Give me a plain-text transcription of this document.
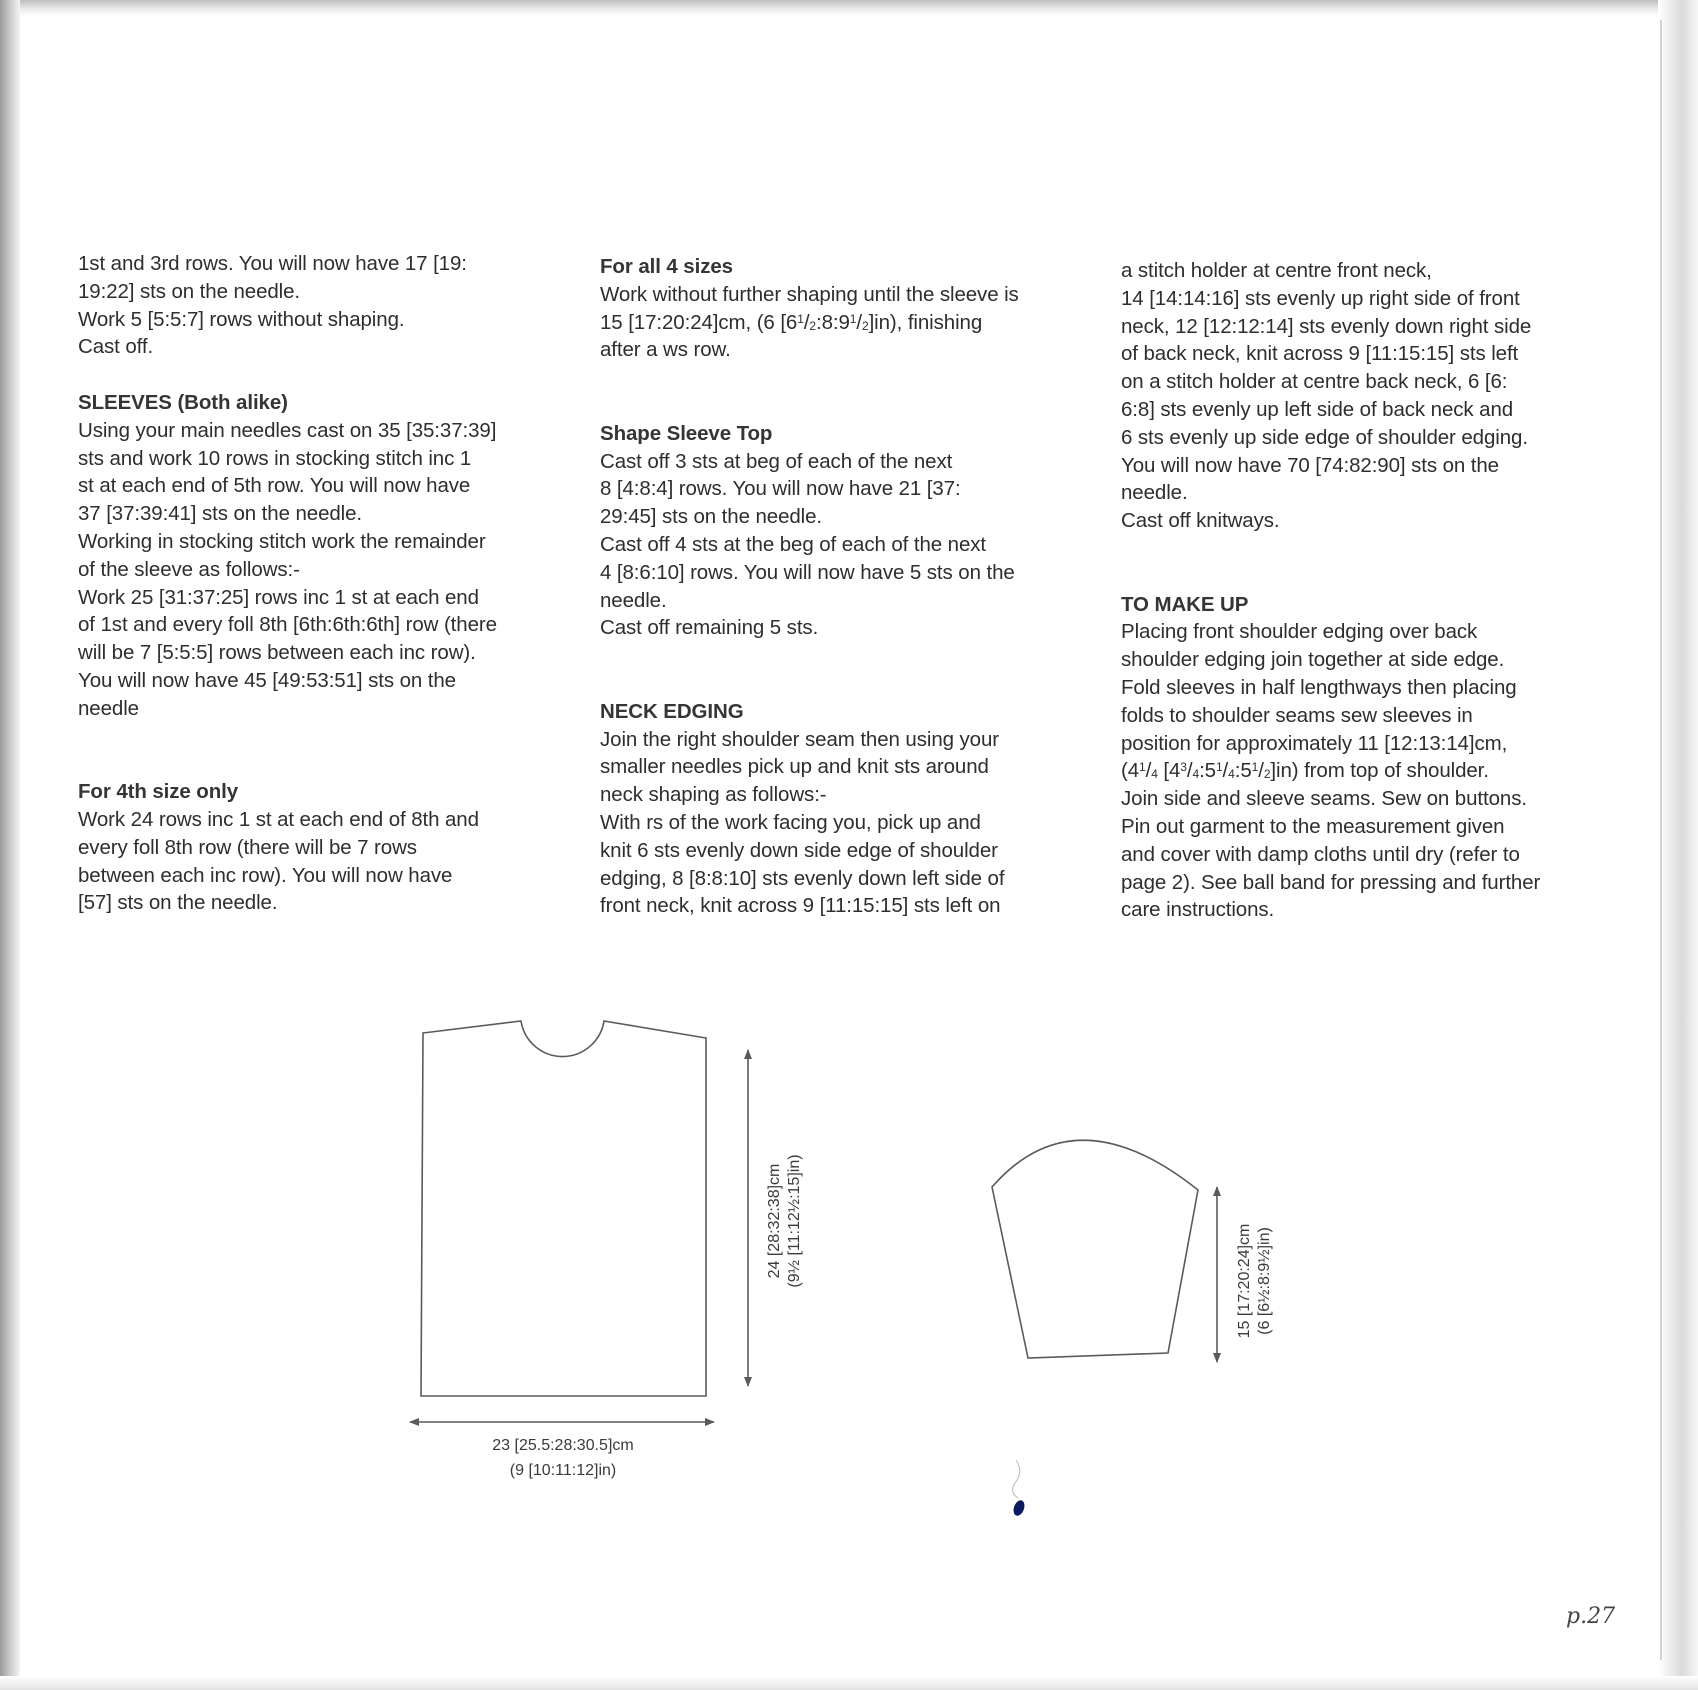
1st and 3rd rows. You will now have 17 [19:

19:22] sts on the needle.

Work 5 [5:5:7] rows without shaping.

Cast off.

SLEEVES (Both alike)

Using your main needles cast on 35 [35:37:39]

sts and work 10 rows in stocking stitch inc 1

st at each end of 5th row. You will now have

37 [37:39:41] sts on the needle.

Working in stocking stitch work the remainder

of the sleeve as follows:-

Work 25 [31:37:25] rows inc 1 st at each end

of 1st and every foll 8th [6th:6th:6th] row (there

will be 7 [5:5:5] rows between each inc row).

You will now have 45 [49:53:51] sts on the

needle

For 4th size only

Work 24 rows inc 1 st at each end of 8th and

every foll 8th row (there will be 7 rows

between each inc row). You will now have

[57] sts on the needle.

For all 4 sizes

Work without further shaping until the sleeve is

15 [17:20:24]cm, (6 $[6^1/_2:8:9^1/_2]in$), finishing

after a ws row.

Shape Sleeve Top

Cast off 3 sts at beg of each of the next

8 [4:8:4] rows. You will now have 21 [37:

29:45] sts on the needle.

Cast off 4 sts at the beg of each of the next

4 [8:6:10] rows. You will now have 5 sts on the

needle.

Cast off remaining 5 sts.

NECK EDGING

Join the right shoulder seam then using your

smaller needles pick up and knit sts around

neck shaping as follows:-

With rs of the work facing you, pick up and

knit 6 sts evenly down side edge of shoulder

edging, 8 [8:8:10] sts evenly down left side of

front neck, knit across 9 [11:15:15] sts left on

a stitch holder at centre front neck,

14 [14:14:16] sts evenly up right side of front

neck, 12 [12:12:14] sts evenly down right side

of back neck, knit across 9 [11:15:15] sts left

on a stitch holder at centre back neck, 6 [6:

6:8] sts evenly up left side of back neck and

6 sts evenly up side edge of shoulder edging.

You will now have 70 [74:82:90] sts on the

needle.

Cast off knitways.

TO MAKE UP

Placing front shoulder edging over back

shoulder edging join together at side edge.

Fold sleeves in half lengthways then placing

folds to shoulder seams sew sleeves in

position for approximately 11 [12:13:14]cm,

($4^1/_4$ $[4^3/_4:5^1/_4:5^1/_2]in$) from top of shoulder.

Join side and sleeve seams. Sew on buttons.

Pin out garment to the measurement given

and cover with damp cloths until dry (refer to

page 2). See ball band for pressing and further

care instructions.

24 [28:32:38]cm (9½ [11:12½:15]in)
23 [25.5:28:30.5]cm
(9 [10:11:12]in)
15 [17:20:24]cm (6 [6½:8:9½]in)
p.27
